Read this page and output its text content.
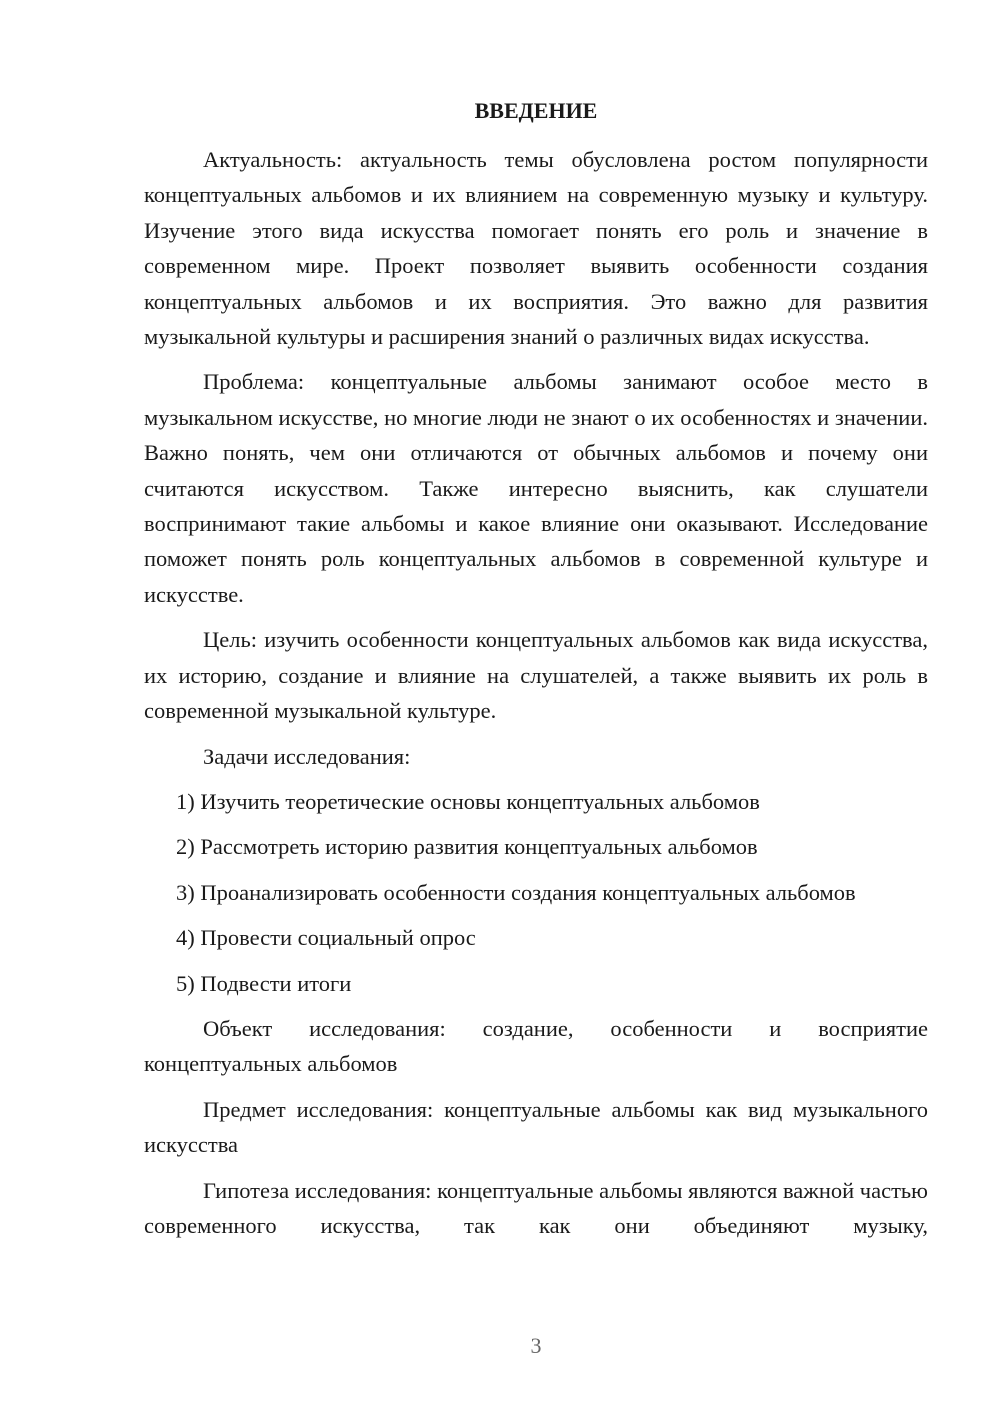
ВВЕДЕНИЕ

Актуальность: актуальность темы обусловлена ростом популярности концептуальных альбомов и их влиянием на современную музыку и культуру. Изучение этого вида искусства помогает понять его роль и значение в современном мире. Проект позволяет выявить особенности создания концептуальных альбомов и их восприятия. Это важно для развития музыкальной культуры и расширения знаний о различных видах искусства.

Проблема: концептуальные альбомы занимают особое место в музыкальном искусстве, но многие люди не знают о их особенностях и значении. Важно понять, чем они отличаются от обычных альбомов и почему они считаются искусством. Также интересно выяснить, как слушатели воспринимают такие альбомы и какое влияние они оказывают. Исследование поможет понять роль концептуальных альбомов в современной культуре и искусстве.

Цель: изучить особенности концептуальных альбомов как вида искусства, их историю, создание и влияние на слушателей, а также выявить их роль в современной музыкальной культуре.

Задачи исследования:

1) Изучить теоретические основы концептуальных альбомов

2) Рассмотреть историю развития концептуальных альбомов

3) Проанализировать особенности создания концептуальных альбомов

4) Провести социальный опрос

5) Подвести итоги

Объект исследования: создание, особенности и восприятие концептуальных альбомов

Предмет исследования: концептуальные альбомы как вид музыкального искусства

Гипотеза исследования: концептуальные альбомы являются важной частью современного искусства, так как они объединяют музыку,

3
